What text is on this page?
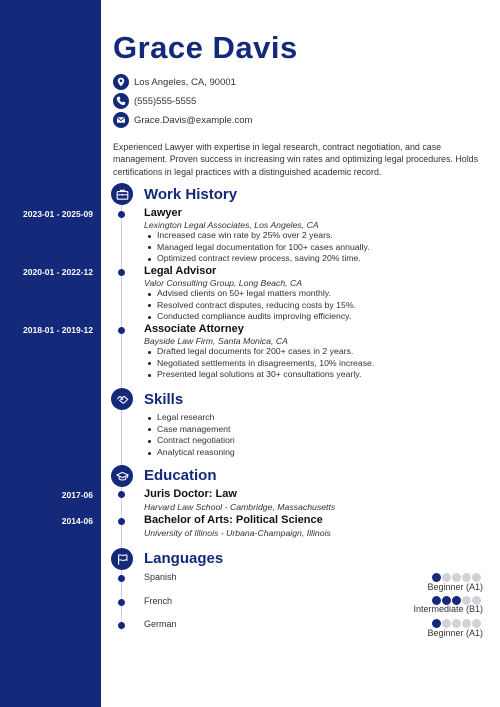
Grace Davis
Los Angeles, CA, 90001
(555)555-5555
Grace.Davis@example.com
Experienced Lawyer with expertise in legal research, contract negotiation, and case management. Proven success in increasing win rates and optimizing legal procedures. Holds certifications in legal practices with a distinguished academic record.
Work History
2023-01 - 2025-09	Lawyer
Lexington Legal Associates, Los Angeles, CA
Increased case win rate by 25% over 2 years.
Managed legal documentation for 100+ cases annually.
Optimized contract review process, saving 20% time.
2020-01 - 2022-12	Legal Advisor
Valor Consulting Group, Long Beach, CA
Advised clients on 50+ legal matters monthly.
Resolved contract disputes, reducing costs by 15%.
Conducted compliance audits improving efficiency.
2018-01 - 2019-12	Associate Attorney
Bayside Law Firm, Santa Monica, CA
Drafted legal documents for 200+ cases in 2 years.
Negotiated settlements in disagreements, 10% increase.
Presented legal solutions at 30+ consultations yearly.
Skills
Legal research
Case management
Contract negotiation
Analytical reasoning
Education
2017-06	Juris Doctor: Law
Harvard Law School - Cambridge, Massachusetts
2014-06	Bachelor of Arts: Political Science
University of Illinois - Urbana-Champaign, Illinois
Languages
Spanish
Beginner (A1)
French
Intermediate (B1)
German
Beginner (A1)
